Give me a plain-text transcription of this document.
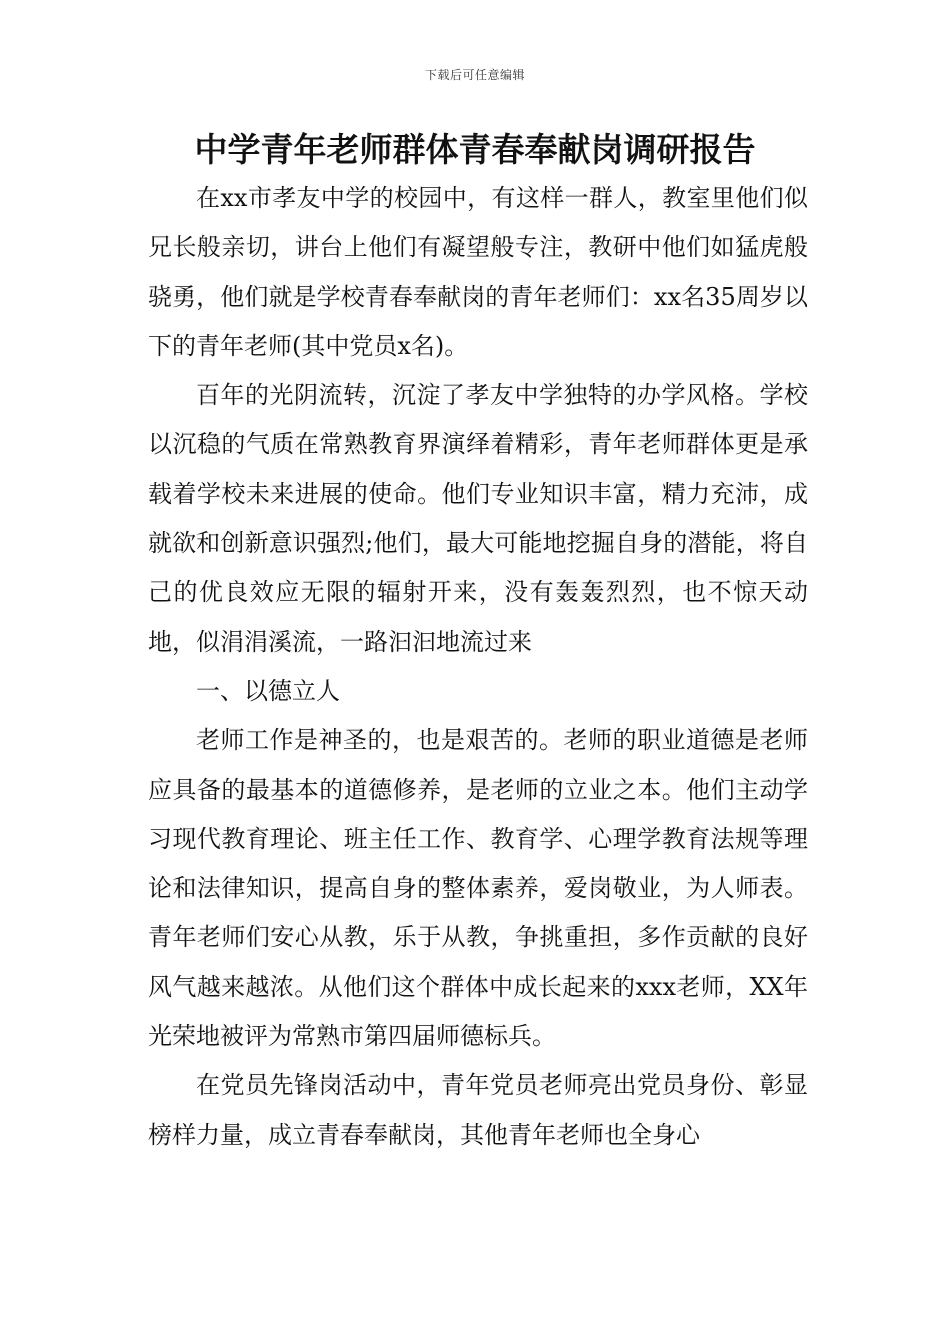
下载后可任意编辑
中学青年老师群体青春奉献岗调研报告

在xx市孝友中学的校园中，有这样一群人，教室里他们似兄长般亲切，讲台上他们有凝望般专注，教研中他们如猛虎般骁勇，他们就是学校青春奉献岗的青年老师们：xx名35周岁以下的青年老师(其中党员x名)。

百年的光阴流转，沉淀了孝友中学独特的办学风格。学校以沉稳的气质在常熟教育界演绎着精彩，青年老师群体更是承载着学校未来进展的使命。他们专业知识丰富，精力充沛，成就欲和创新意识强烈;他们，最大可能地挖掘自身的潜能，将自己的优良效应无限的辐射开来，没有轰轰烈烈，也不惊天动地，似涓涓溪流，一路汩汩地流过来

一、以德立人

老师工作是神圣的，也是艰苦的。老师的职业道德是老师应具备的最基本的道德修养，是老师的立业之本。他们主动学习现代教育理论、班主任工作、教育学、心理学教育法规等理论和法律知识，提高自身的整体素养，爱岗敬业，为人师表。青年老师们安心从教，乐于从教，争挑重担，多作贡献的良好风气越来越浓。从他们这个群体中成长起来的xxx老师，XX年光荣地被评为常熟市第四届师德标兵。

在党员先锋岗活动中，青年党员老师亮出党员身份、彰显榜样力量，成立青春奉献岗，其他青年老师也全身心
